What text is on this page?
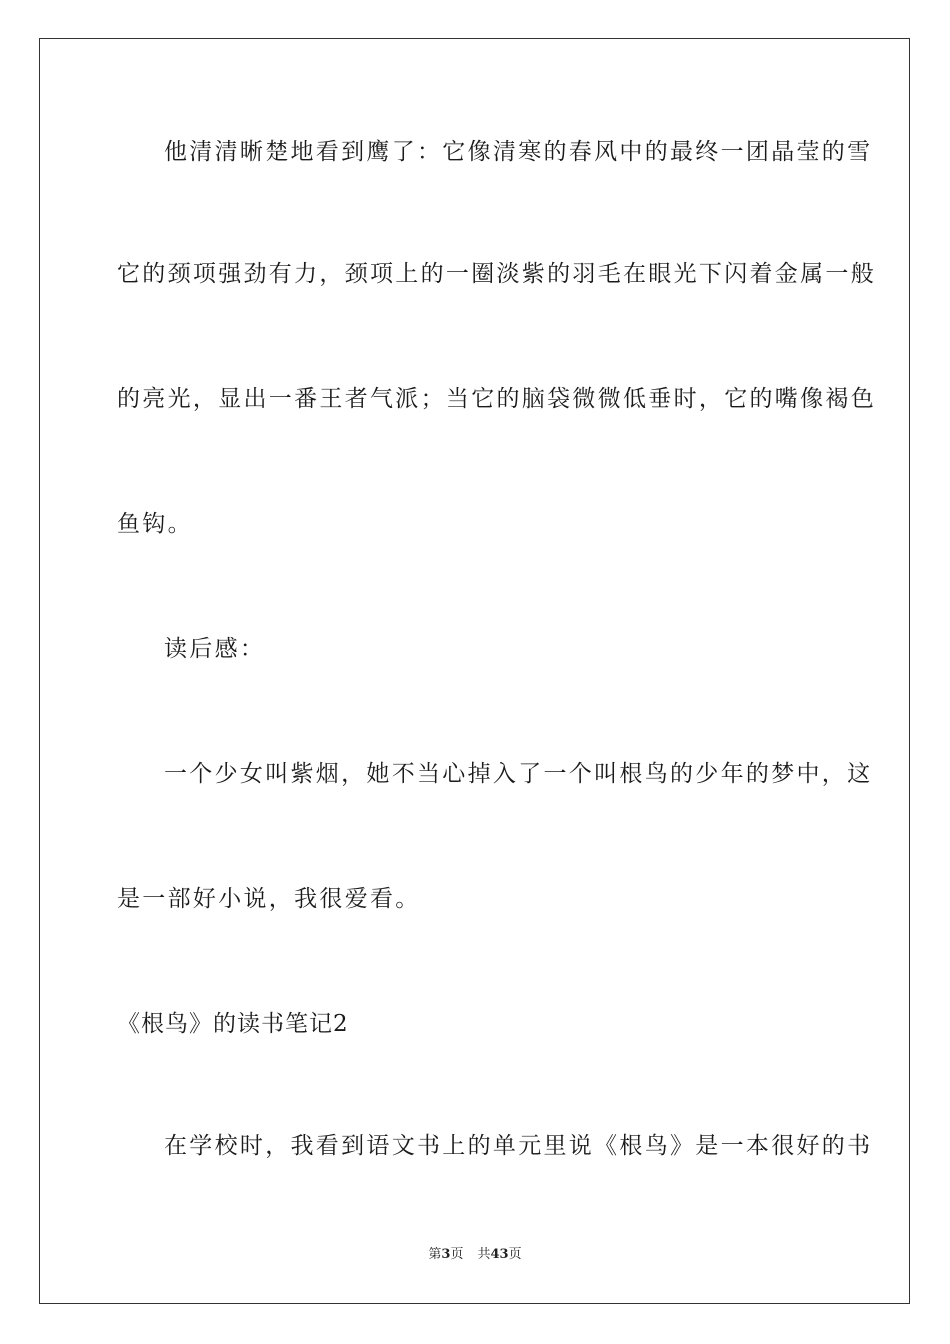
他清清晰楚地看到鹰了：它像清寒的春风中的最终一团晶莹的雪
它的颈项强劲有力，颈项上的一圈淡紫的羽毛在眼光下闪着金属一般
的亮光，显出一番王者气派；当它的脑袋微微低垂时，它的嘴像褐色
鱼钩。
读后感：
一个少女叫紫烟，她不当心掉入了一个叫根鸟的少年的梦中，这
是一部好小说，我很爱看。
《根鸟》的读书笔记2
在学校时，我看到语文书上的单元里说《根鸟》是一本很好的书
第3页 共43页
